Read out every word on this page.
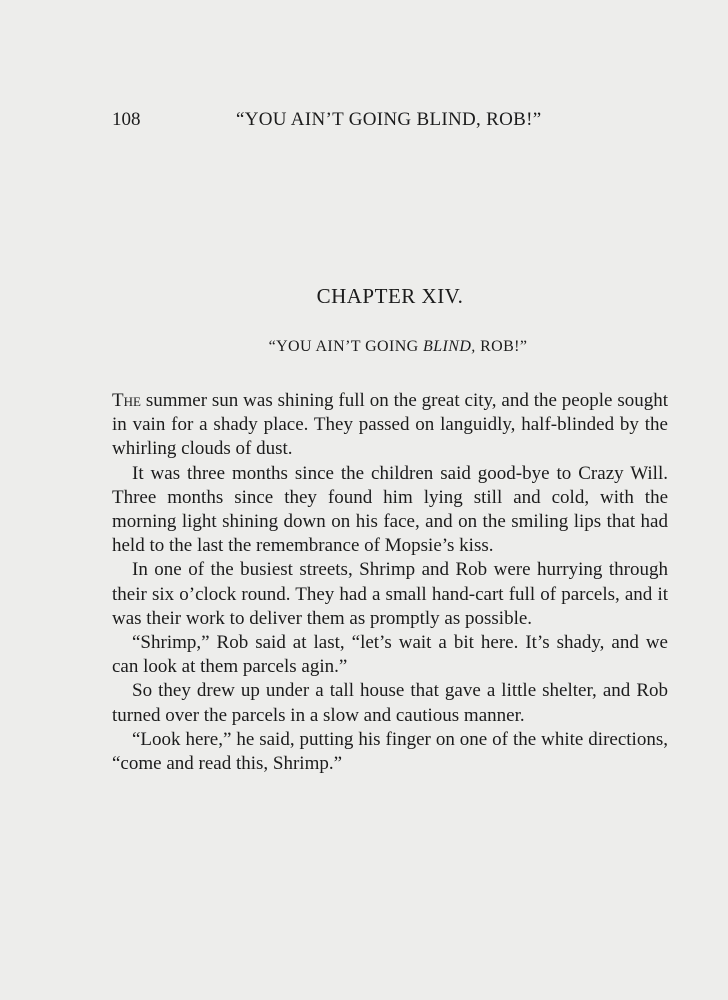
108	“YOU AIN’T GOING BLIND, ROB!”
CHAPTER XIV.
“YOU AIN’T GOING BLIND, ROB!”

The summer sun was shining full on the great city, and the people sought in vain for a shady place. They passed on languidly, half-blinded by the whirling clouds of dust.

It was three months since the children said good-bye to Crazy Will. Three months since they found him lying still and cold, with the morning light shining down on his face, and on the smiling lips that had held to the last the remembrance of Mopsie’s kiss.

In one of the busiest streets, Shrimp and Rob were hurrying through their six o’clock round. They had a small hand-cart full of parcels, and it was their work to deliver them as promptly as possible.

“Shrimp,” Rob said at last, “let’s wait a bit here. It’s shady, and we can look at them parcels agin.”

So they drew up under a tall house that gave a little shelter, and Rob turned over the parcels in a slow and cautious manner.

“Look here,” he said, putting his finger on one of the white directions, “come and read this, Shrimp.”
